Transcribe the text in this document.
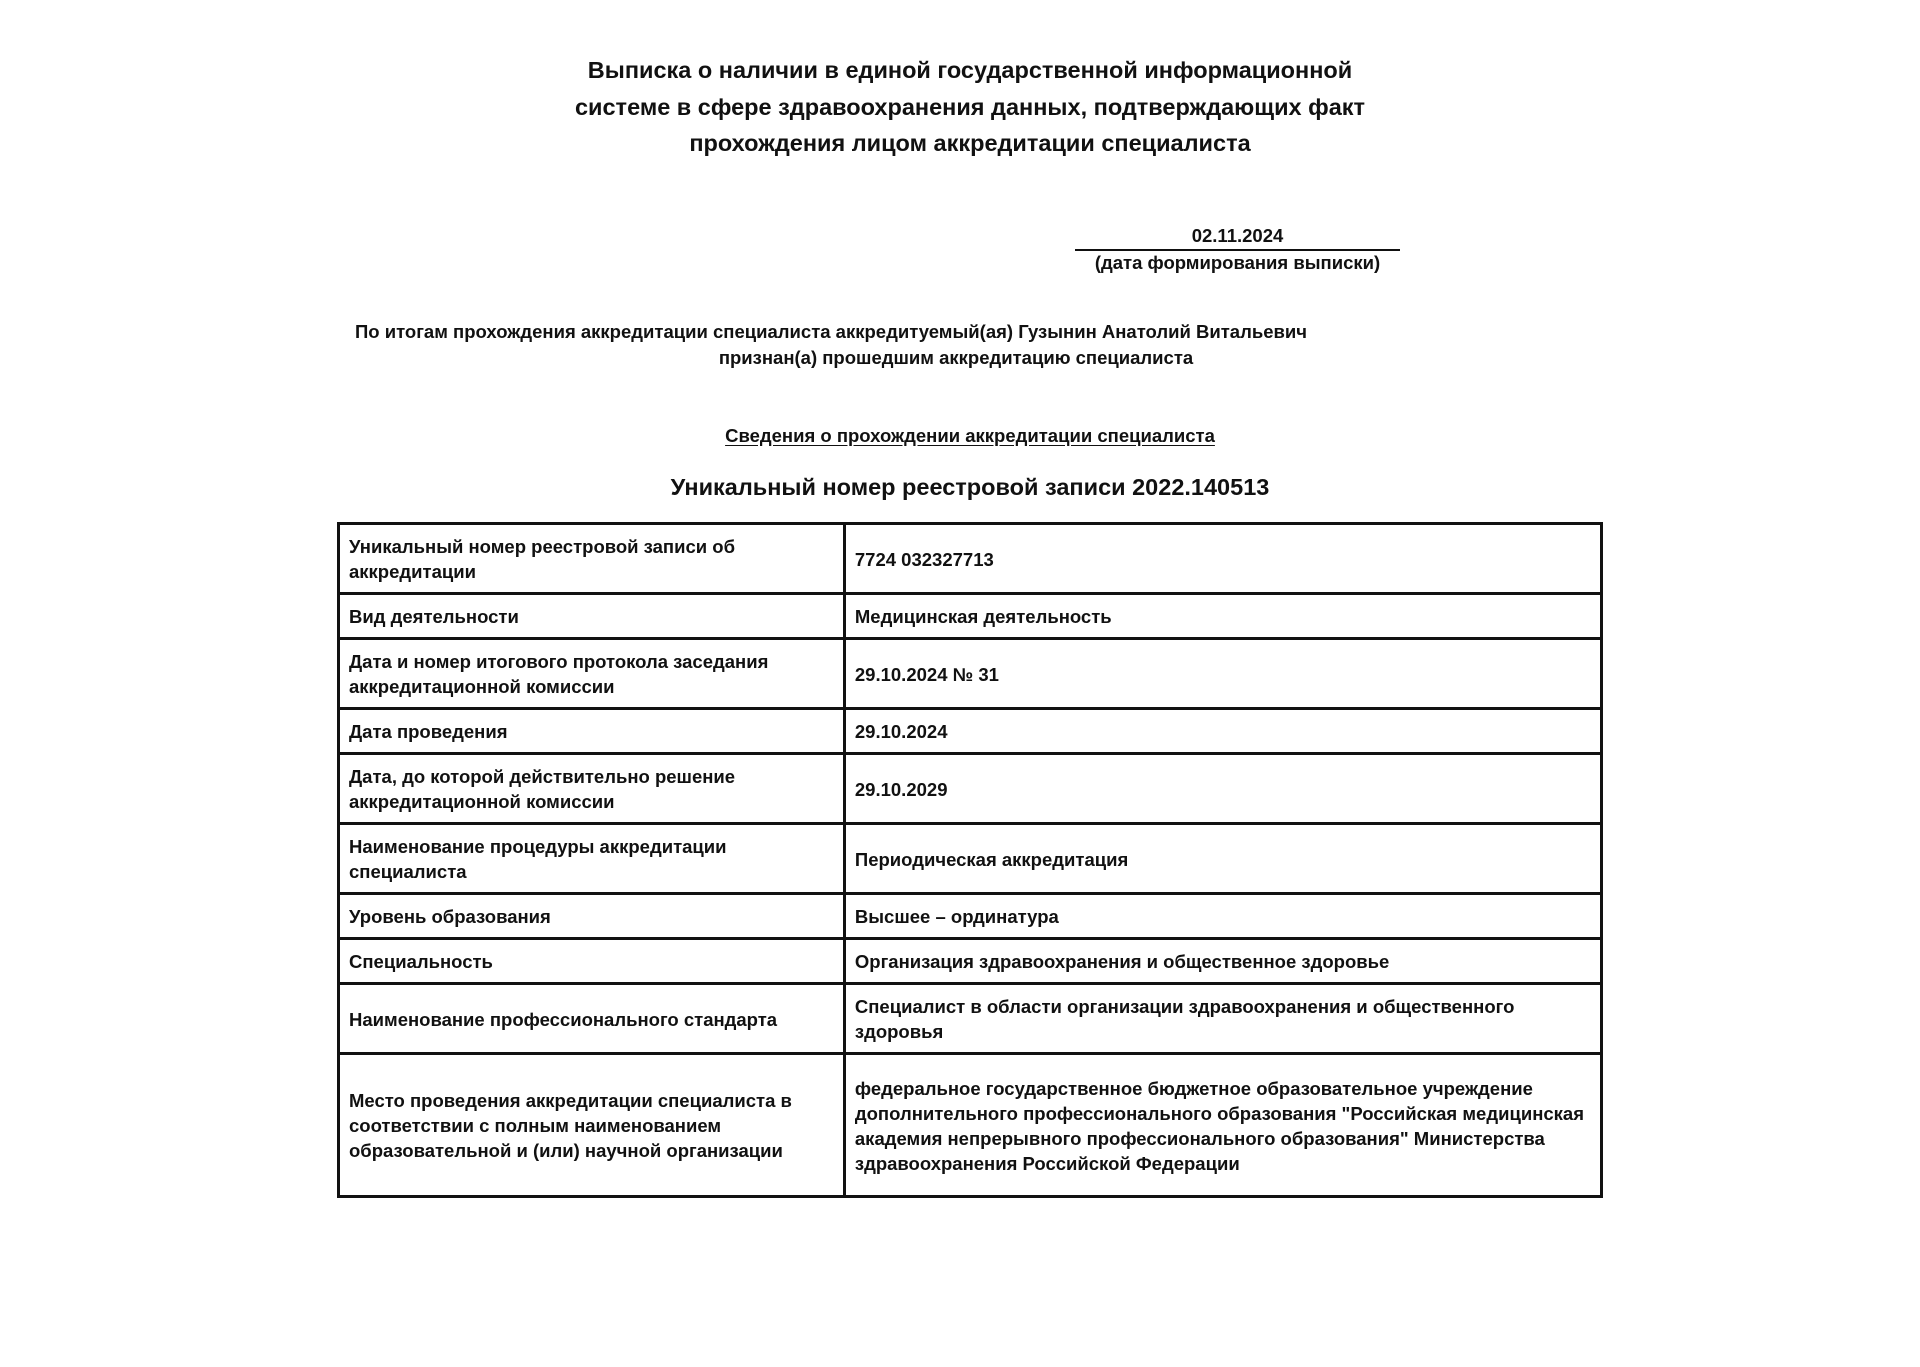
Выписка о наличии в единой государственной информационной
системе в сфере здравоохранения данных, подтверждающих факт
прохождения лицом аккредитации специалиста
02.11.2024
(дата формирования выписки)
По итогам прохождения аккредитации специалиста аккредитуемый(ая) Гузынин Анатолий Витальевич
признан(а) прошедшим аккредитацию специалиста
Сведения о прохождении аккредитации специалиста
Уникальный номер реестровой записи 2022.140513
Уникальный номер реестровой записи об аккредитации	7724 032327713
Вид деятельности	Медицинская деятельность
Дата и номер итогового протокола заседания аккредитационной комиссии	29.10.2024 № 31
Дата проведения	29.10.2024
Дата, до которой действительно решение аккредитационной комиссии	29.10.2029
Наименование процедуры аккредитации специалиста	Периодическая аккредитация
Уровень образования	Высшее – ординатура
Специальность	Организация здравоохранения и общественное здоровье
Наименование профессионального стандарта	Специалист в области организации здравоохранения и общественного здоровья
Место проведения аккредитации специалиста в соответствии с полным наименованием образовательной и (или) научной организации	федеральное государственное бюджетное образовательное учреждение дополнительного профессионального образования "Российская медицинская академия непрерывного профессионального образования" Министерства здравоохранения Российской Федерации
